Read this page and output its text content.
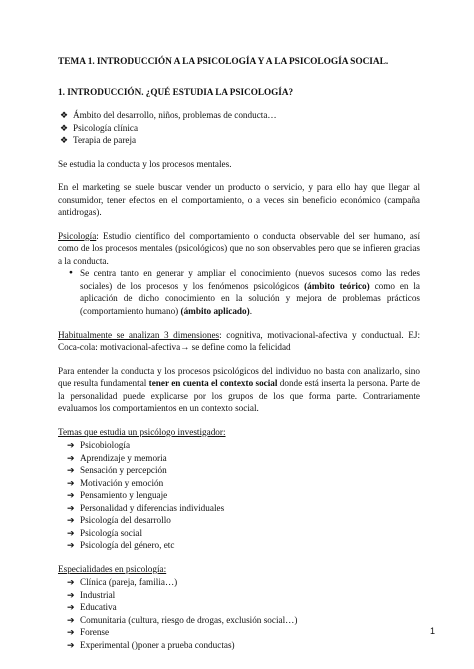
TEMA 1. INTRODUCCIÓN A LA PSICOLOGÍA Y A LA PSICOLOGÍA SOCIAL.
1. INTRODUCCIÓN. ¿QUÉ ESTUDIA LA PSICOLOGÍA?
❖ Ámbito del desarrollo, niños, problemas de conducta…
❖ Psicología clínica
❖ Terapia de pareja

Se estudia la conducta y los procesos mentales.

En el marketing se suele buscar vender un producto o servicio, y para ello hay que llegar al consumidor, tener efectos en el comportamiento, o a veces sin beneficio económico (campaña antidrogas).

Psicología: Estudio científico del comportamiento o conducta observable del ser humano, así como de los procesos mentales (psicológicos) que no son observables pero que se infieren gracias a la conducta.

● Se centra tanto en generar y ampliar el conocimiento (nuevos sucesos como las redes sociales) de los procesos y los fenómenos psicológicos (ámbito teórico) como en la aplicación de dicho conocimiento en la solución y mejora de problemas prácticos (comportamiento humano) (ámbito aplicado).

Habitualmente se analizan 3 dimensiones: cognitiva, motivacional‑afectiva y conductual. EJ: Coca-cola: motivacional‑afectiva→ se define como la felicidad

Para entender la conducta y los procesos psicológicos del individuo no basta con analizarlo, sino que resulta fundamental tener en cuenta el contexto social donde está inserta la persona. Parte de la personalidad puede explicarse por los grupos de los que forma parte. Contrariamente evaluamos los comportamientos en un contexto social.

Temas que estudia un psicólogo investigador:
➔ Psicobiología
➔ Aprendizaje y memoria
➔ Sensación y percepción
➔ Motivación y emoción
➔ Pensamiento y lenguaje
➔ Personalidad y diferencias individuales
➔ Psicología del desarrollo
➔ Psicología social
➔ Psicología del género, etc
Especialidades en psicología:
➔ Clínica (pareja, familia…)
➔ Industrial
➔ Educativa
➔ Comunitaria (cultura, riesgo de drogas, exclusión social…)
➔ Forense
➔ Experimental ()poner a prueba conductas)
1
